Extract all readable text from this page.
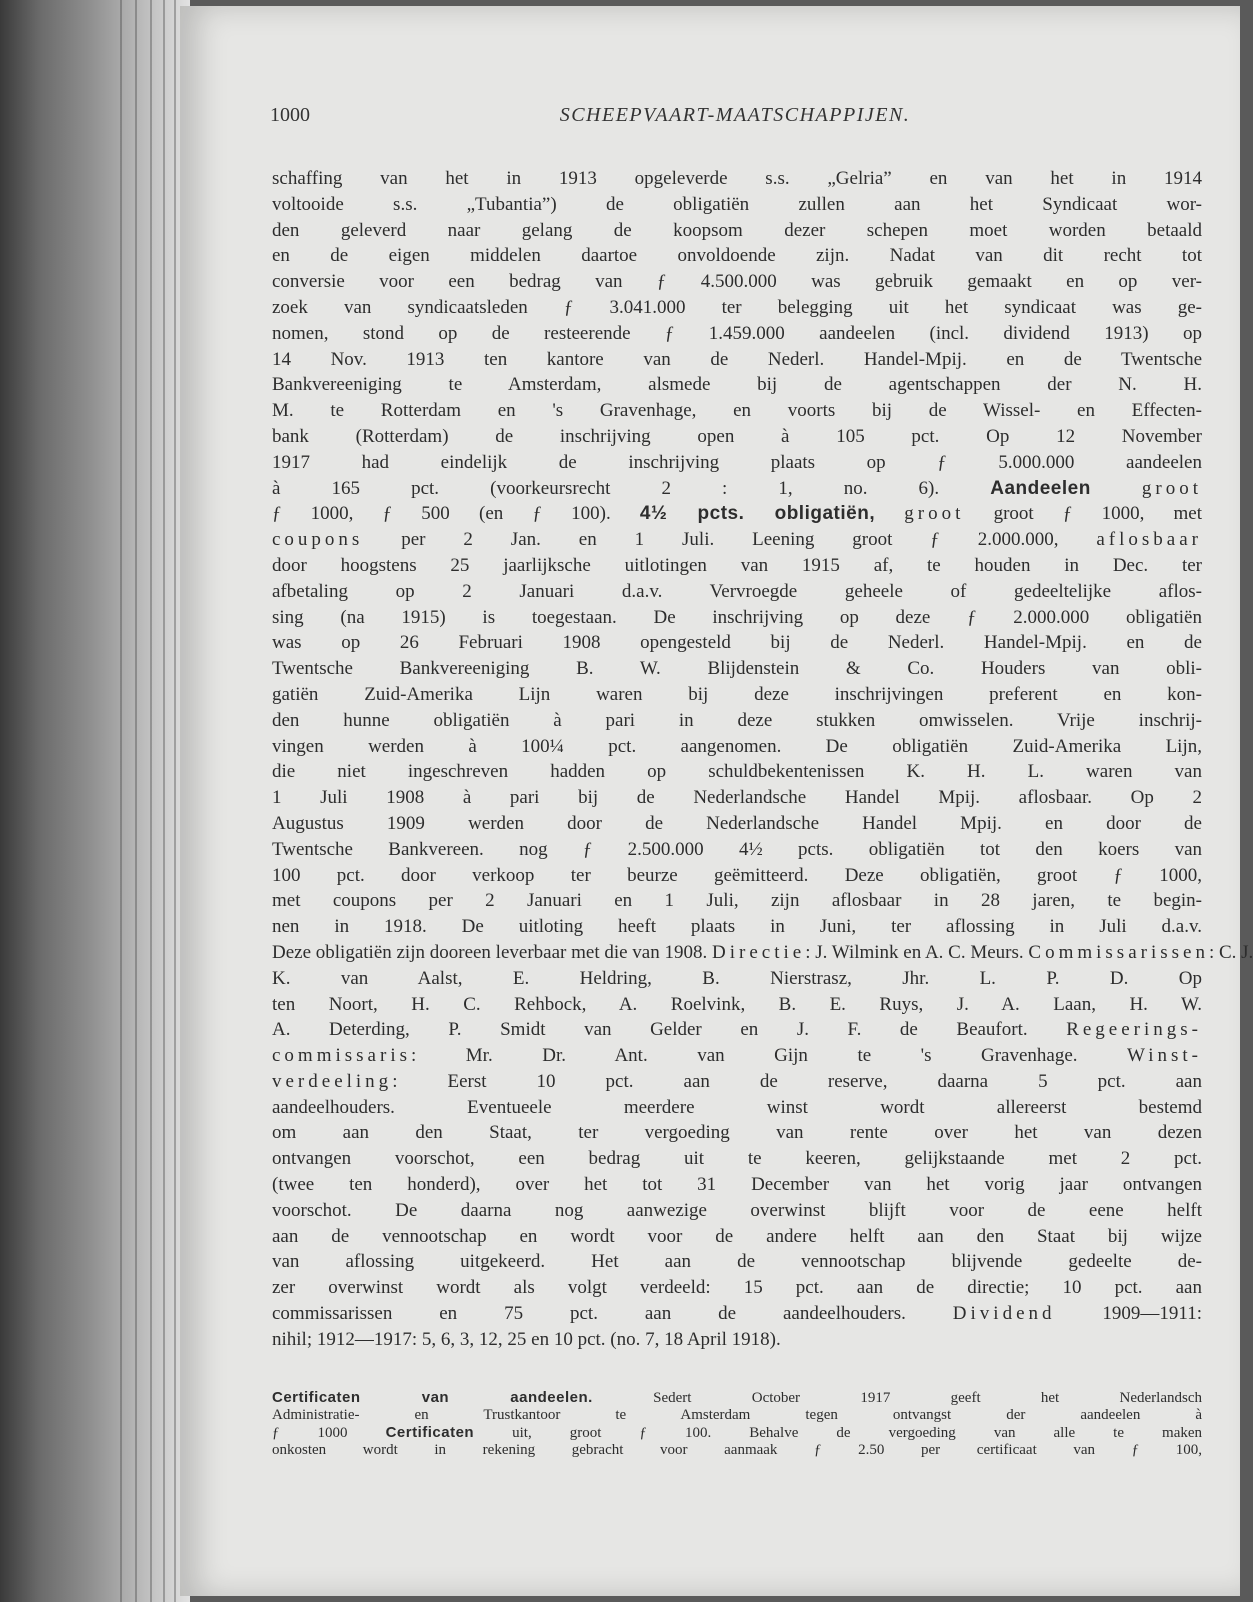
1000	SCHEEPVAART-MAATSCHAPPIJEN.
schaffing van het in 1913 opgeleverde s.s. „Gelria” en van het in 1914
voltooide s.s. „Tubantia”) de obligatiën zullen aan het Syndicaat wor-
den geleverd naar gelang de koopsom dezer schepen moet worden betaald
en de eigen middelen daartoe onvoldoende zijn. Nadat van dit recht tot
conversie voor een bedrag van ƒ 4.500.000 was gebruik gemaakt en op ver-
zoek van syndicaatsleden ƒ 3.041.000 ter belegging uit het syndicaat was ge-
nomen, stond op de resteerende ƒ 1.459.000 aandeelen (incl. dividend 1913) op
14 Nov. 1913 ten kantore van de Nederl. Handel-Mpij. en de Twentsche
Bankvereeniging te Amsterdam, alsmede bij de agentschappen der N. H.
M. te Rotterdam en 's Gravenhage, en voorts bij de Wissel- en Effecten-
bank (Rotterdam) de inschrijving open à 105 pct. Op 12 November
1917 had eindelijk de inschrijving plaats op ƒ 5.000.000 aandeelen
à 165 pct. (voorkeursrecht 2 : 1, no. 6). Aandeelen	groot
ƒ 1000, ƒ 500 (en ƒ 100). 4½ pcts. obligatiën, groot groot ƒ 1000, met
coupons per 2 Jan. en 1 Juli. Leening groot ƒ 2.000.000, aflosbaar
door hoogstens 25 jaarlijksche uitlotingen van 1915 af, te houden in Dec. ter
afbetaling op 2 Januari d.a.v. Vervroegde geheele of gedeeltelijke aflos-
sing (na 1915) is toegestaan. De inschrijving op deze ƒ 2.000.000 obligatiën
was op 26 Februari 1908 opengesteld bij de Nederl. Handel-Mpij. en de
Twentsche Bankvereeniging B. W. Blijdenstein & Co. Houders van obli-
gatiën Zuid-Amerika Lijn waren bij deze inschrijvingen preferent en kon-
den hunne obligatiën à pari in deze stukken omwisselen. Vrije inschrij-
vingen werden à 100¼ pct. aangenomen. De obligatiën Zuid-Amerika Lijn,
die niet ingeschreven hadden op schuldbekentenissen K. H. L. waren van
1 Juli 1908 à pari bij de Nederlandsche Handel Mpij. aflosbaar. Op 2
Augustus 1909 werden door de Nederlandsche Handel Mpij. en door de
Twentsche Bankvereen. nog ƒ 2.500.000 4½ pcts. obligatiën tot den koers van
100 pct. door verkoop ter beurze geëmitteerd. Deze obligatiën, groot ƒ 1000,
met coupons per 2 Januari en 1 Juli, zijn aflosbaar in 28 jaren, te begin-
nen in 1918. De uitloting heeft plaats in Juni, ter aflossing in Juli d.a.v.
Deze obligatiën zijn dooreen leverbaar met die van 1908. Directie: J. Wilmink en A. C. Meurs. Commissarissen: C. J.
K. van Aalst, E. Heldring, B. Nierstrasz, Jhr. L. P. D. Op
ten Noort, H. C. Rehbock, A. Roelvink, B. E. Ruys, J. A. Laan, H. W.
A. Deterding, P. Smidt van Gelder en J. F. de Beaufort. Regeerings-
commissaris: Mr. Dr. Ant. van Gijn te 's Gravenhage. Winst-
verdeeling: Eerst 10 pct. aan de reserve, daarna 5 pct. aan
aandeelhouders. Eventueele meerdere winst wordt allereerst bestemd
om aan den Staat, ter vergoeding van rente over het van dezen
ontvangen voorschot, een bedrag uit te keeren, gelijkstaande met 2 pct.
(twee ten honderd), over het tot 31 December van het vorig jaar ontvangen
voorschot. De daarna nog aanwezige overwinst blijft voor de eene helft
aan de vennootschap en wordt voor de andere helft aan den Staat bij wijze
van aflossing uitgekeerd. Het aan de vennootschap blijvende gedeelte de-
zer overwinst wordt als volgt verdeeld: 15 pct. aan de directie; 10 pct. aan
commissarissen en 75 pct. aan de aandeelhouders. Dividend 1909—1911:
nihil; 1912—1917: 5, 6, 3, 12, 25 en 10 pct. (no. 7, 18 April 1918).
Certificaten van aandeelen. Sedert October 1917 geeft het Nederlandsch
Administratie- en Trustkantoor te Amsterdam tegen ontvangst der aandeelen à
ƒ 1000 Certificaten uit, groot ƒ 100. Behalve de vergoeding van alle te maken
onkosten wordt in rekening gebracht voor aanmaak ƒ 2.50 per certificaat van ƒ 100,
